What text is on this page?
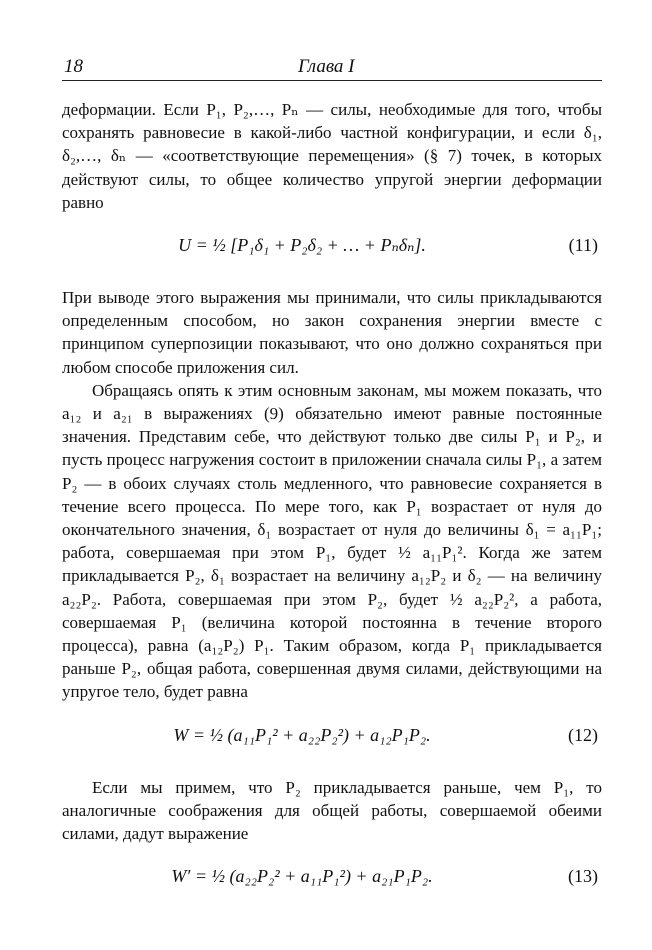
18	Глава I

деформации. Если P₁, P₂,…, Pₙ — силы, необходимые для того, чтобы сохранять равновесие в какой-либо частной конфигурации, и если δ₁, δ₂,…, δₙ — «соответствующие перемещения» (§ 7) точек, в которых действуют силы, то общее количество упругой энергии деформации равно

U = ½ [P₁δ₁ + P₂δ₂ + … + Pₙδₙ].	(11)

При выводе этого выражения мы принимали, что силы прикладываются определенным способом, но закон сохранения энергии вместе с принципом суперпозиции показывают, что оно должно сохраняться при любом способе приложения сил.

Обращаясь опять к этим основным законам, мы можем показать, что a₁₂ и a₂₁ в выражениях (9) обязательно имеют равные постоянные значения. Представим себе, что действуют только две силы P₁ и P₂, и пусть процесс нагружения состоит в приложении сначала силы P₁, а затем P₂ — в обоих случаях столь медленного, что равновесие сохраняется в течение всего процесса. По мере того, как P₁ возрастает от нуля до окончательного значения, δ₁ возрастает от нуля до величины δ₁ = a₁₁P₁; работа, совершаемая при этом P₁, будет ½ a₁₁P₁². Когда же затем прикладывается P₂, δ₁ возрастает на величину a₁₂P₂ и δ₂ — на величину a₂₂P₂. Работа, совершаемая при этом P₂, будет ½ a₂₂P₂², а работа, совершаемая P₁ (величина которой постоянна в течение второго процесса), равна (a₁₂P₂) P₁. Таким образом, когда P₁ прикладывается раньше P₂, общая работа, совершенная двумя силами, действующими на упругое тело, будет равна

W = ½ (a₁₁P₁² + a₂₂P₂²) + a₁₂P₁P₂.	(12)

Если мы примем, что P₂ прикладывается раньше, чем P₁, то аналогичные соображения для общей работы, совершаемой обеими силами, дадут выражение

W′ = ½ (a₂₂P₂² + a₁₁P₁²) + a₂₁P₁P₂.	(13)
